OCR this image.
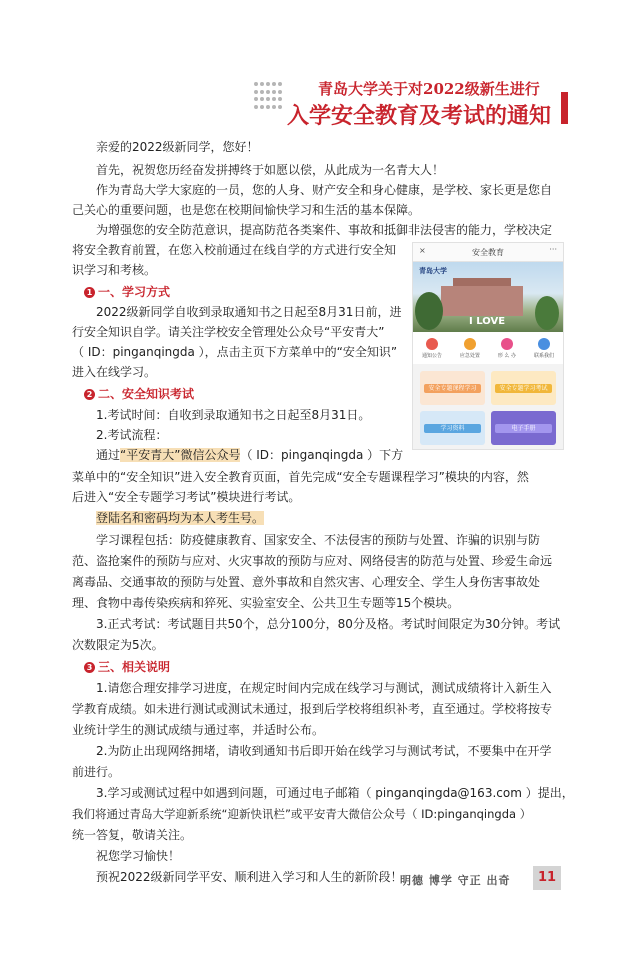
青岛大学关于对2022级新生进行
入学安全教育及考试的通知
亲爱的2022级新同学，您好！
首先，祝贺您历经奋发拼搏终于如愿以偿，从此成为一名青大人！
作为青岛大学大家庭的一员，您的人身、财产安全和身心健康，是学校、家长更是您自
己关心的重要问题，也是您在校期间愉快学习和生活的基本保障。
为增强您的安全防范意识，提高防范各类案件、事故和抵御非法侵害的能力，学校决定
将安全教育前置，在您入校前通过在线自学的方式进行安全知
识学习和考核。
1 一、学习方式
2022级新同学自收到录取通知书之日起至8月31日前，进
行安全知识自学。请关注学校安全管理处公众号“平安青大”
（ ID：pinganqingda ），点击主页下方菜单中的“安全知识”
进入在线学习。
2 二、安全知识考试
1.考试时间：自收到录取通知书之日起至8月31日。
2.考试流程：
通过“平安青大”微信公众号（ ID：pinganqingda ）下方
菜单中的“安全知识”进入安全教育页面，首先完成“安全专题课程学习”模块的内容，然
后进入“安全专题学习考试”模块进行考试。
登陆名和密码均为本人考生号。
学习课程包括：防疫健康教育、国家安全、不法侵害的预防与处置、诈骗的识别与防
范、盗抢案件的预防与应对、火灾事故的预防与应对、网络侵害的防范与处置、珍爱生命远
离毒品、交通事故的预防与处置、意外事故和自然灾害、心理安全、学生人身伤害事故处
理、食物中毒传染疾病和猝死、实验室安全、公共卫生专题等15个模块。
3.正式考试：考试题目共50个，总分100分，80分及格。考试时间限定为30分钟。考试
次数限定为5次。
3 三、相关说明
1.请您合理安排学习进度，在规定时间内完成在线学习与测试，测试成绩将计入新生入
学教育成绩。如未进行测试或测试未通过，报到后学校将组织补考，直至通过。学校将按专
业统计学生的测试成绩与通过率，并适时公布。
2.为防止出现网络拥堵，请收到通知书后即开始在线学习与测试考试，不要集中在开学
前进行。
3.学习或测试过程中如遇到问题，可通过电子邮箱（ pinganqingda@163.com ）提出，
我们将通过青岛大学迎新系统“迎新快讯栏”或平安青大微信公众号（ ID:pinganqingda ）
统一答复，敬请关注。
祝您学习愉快！
预祝2022级新同学平安、顺利进入学习和人生的新阶段！
×	安全教育	···
青岛大学
I LOVE
通知公告	应急处置	形 么 办	联系我们
安全专题课程学习	安全专题学习考试
学习资料	电子手册
明德 博学 守正 出奇	11
